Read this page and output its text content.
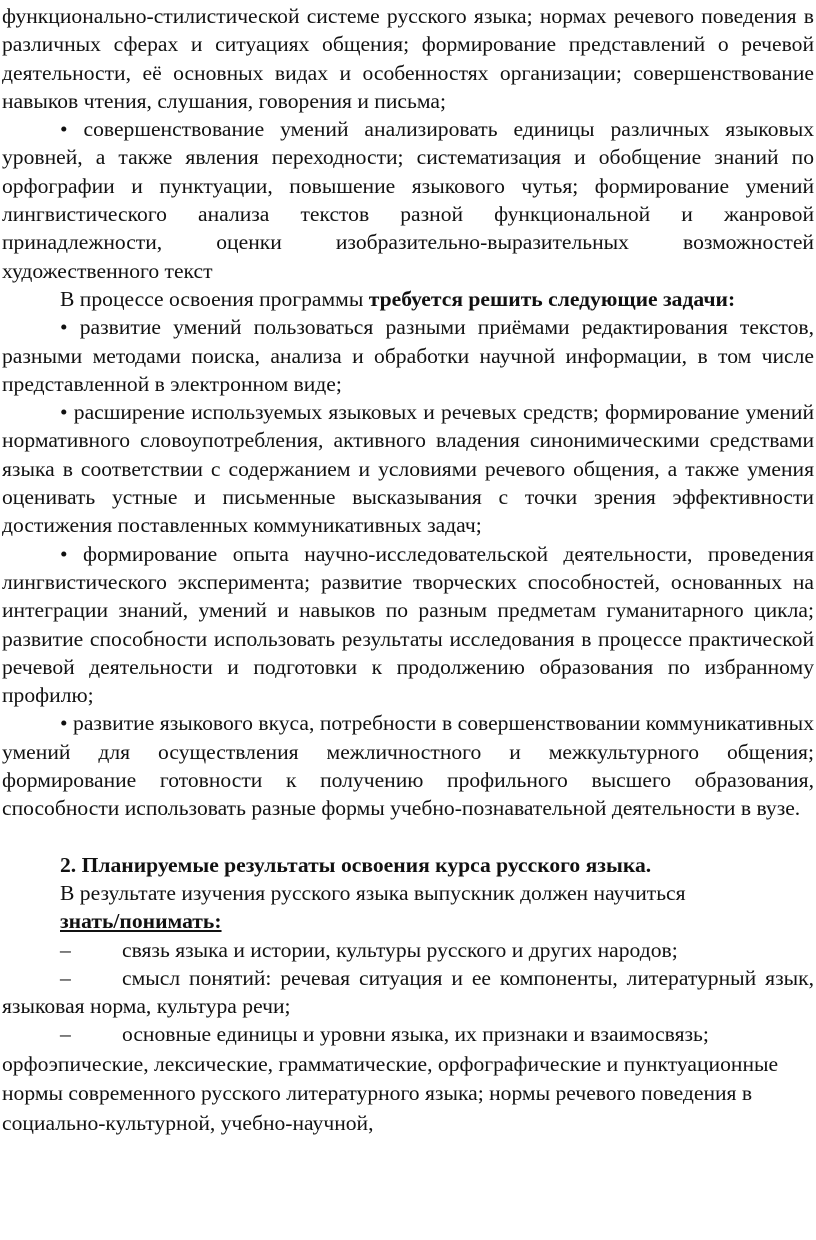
функционально-стилистической системе русского языка; нормах речевого поведения в различных сферах и ситуациях общения; формирование представлений о речевой деятельности, её основных видах и особенностях организации; совершенствование навыков чтения, слушания, говорения и письма;

• совершенствование умений анализировать единицы различных языковых уровней, а также явления переходности; систематизация и обобщение знаний по орфографии и пунктуации, повышение языкового чутья; формирование умений лингвистического анализа текстов разной функциональной и жанровой принадлежности, оценки изобразительно-выразительных возможностей художественного текст

В процессе освоения программы требуется решить следующие задачи:

• развитие умений пользоваться разными приёмами редактирования текстов, разными методами поиска, анализа и обработки научной информации, в том числе представленной в электронном виде;

• расширение используемых языковых и речевых средств; формирование умений нормативного словоупотребления, активного владения синонимическими средствами языка в соответствии с содержанием и условиями речевого общения, а также умения оценивать устные и письменные высказывания с точки зрения эффективности достижения поставленных коммуникативных задач;

• формирование опыта научно-исследовательской деятельности, проведения лингвистического эксперимента; развитие творческих способностей, основанных на интеграции знаний, умений и навыков по разным предметам гуманитарного цикла; развитие способности использовать результаты исследования в процессе практической речевой деятельности и подготовки к продолжению образования по избранному профилю;

• развитие языкового вкуса, потребности в совершенствовании коммуникативных умений для осуществления межличностного и межкультурного общения; формирование готовности к получению профильного высшего образования, способности использовать разные формы учебно-познавательной деятельности в вузе.

2. Планируемые результаты освоения курса русского языка.

В результате изучения русского языка выпускник должен научиться

знать/понимать:

– связь языка и истории, культуры русского и других народов;

– смысл понятий: речевая ситуация и ее компоненты, литературный язык, языковая норма, культура речи;

– основные единицы и уровни языка, их признаки и взаимосвязь; орфоэпические, лексические, грамматические, орфографические и пунктуационные нормы современного русского литературного языка; нормы речевого поведения в социально-культурной, учебно-научной,
